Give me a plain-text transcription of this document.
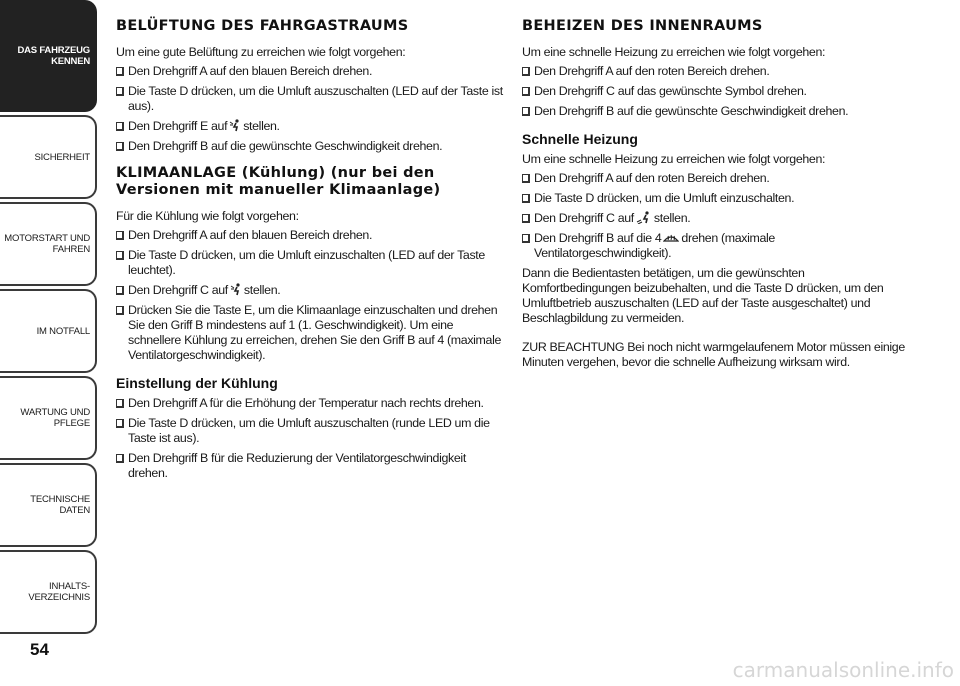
DAS FAHRZEUG
KENNEN
SICHERHEIT
MOTORSTART UND
FAHREN
IM NOTFALL
WARTUNG UND
PFLEGE
TECHNISCHE DATEN
INHALTS-
VERZEICHNIS
54
BELÜFTUNG DES FAHRGASTRAUMS

Um eine gute Belüftung zu erreichen wie folgt vorgehen:

Den Drehgriff A auf den blauen Bereich drehen.
Die Taste D drücken, um die Umluft auszuschalten (LED auf der Taste ist aus).
Den Drehgriff E auf stellen.
Den Drehgriff B auf die gewünschte Geschwindigkeit drehen.
KLIMAANLAGE (Kühlung) (nur bei den Versionen mit manueller Klimaanlage)

Für die Kühlung wie folgt vorgehen:

Den Drehgriff A auf den blauen Bereich drehen.
Die Taste D drücken, um die Umluft einzuschalten (LED auf der Taste leuchtet).
Den Drehgriff C auf stellen.
Drücken Sie die Taste E, um die Klimaanlage einzuschalten und drehen Sie den Griff B mindestens auf 1 (1. Geschwindigkeit). Um eine schnellere Kühlung zu erreichen, drehen Sie den Griff B auf 4 (maximale Ventilatorgeschwindigkeit).
Einstellung der Kühlung
Den Drehgriff A für die Erhöhung der Temperatur nach rechts drehen.
Die Taste D drücken, um die Umluft auszuschalten (runde LED um die Taste ist aus).
Den Drehgriff B für die Reduzierung der Ventilatorgeschwindigkeit drehen.
BEHEIZEN DES INNENRAUMS

Um eine schnelle Heizung zu erreichen wie folgt vorgehen:

Den Drehgriff A auf den roten Bereich drehen.
Den Drehgriff C auf das gewünschte Symbol drehen.
Den Drehgriff B auf die gewünschte Geschwindigkeit drehen.
Schnelle Heizung

Um eine schnelle Heizung zu erreichen wie folgt vorgehen:

Den Drehgriff A auf den roten Bereich drehen.
Die Taste D drücken, um die Umluft einzuschalten.
Den Drehgriff C auf stellen.
Den Drehgriff B auf die 4 drehen (maximale Ventilatorgeschwindigkeit).

Dann die Bedientasten betätigen, um die gewünschten Komfortbedingungen beizubehalten, und die Taste D drücken, um den Umluftbetrieb auszuschalten (LED auf der Taste ausgeschaltet) und Beschlagbildung zu vermeiden.

ZUR BEACHTUNG Bei noch nicht warmgelaufenem Motor müssen einige Minuten vergehen, bevor die schnelle Aufheizung wirksam wird.

carmanualsonline.info
